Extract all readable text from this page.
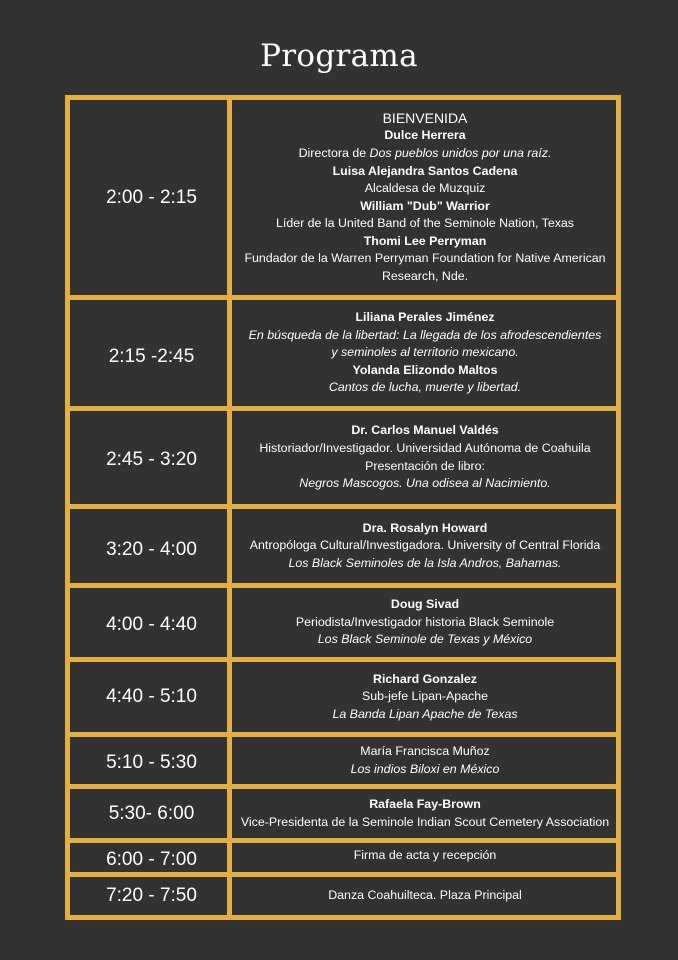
Programa
2:00 - 2:15
BIENVENIDA
Dulce Herrera
Directora de Dos pueblos unidos por una raíz.
Luisa Alejandra Santos Cadena
Alcaldesa de Muzquiz
William "Dub" Warrior
Líder de la United Band of the Seminole Nation, Texas
Thomi Lee Perryman
Fundador de la Warren Perryman Foundation for Native American
Research, Nde.
2:15 -2:45
Liliana Perales Jiménez
En búsqueda de la libertad: La llegada de los afrodescendientes
y seminoles al territorio mexicano.
Yolanda Elizondo Maltos
Cantos de lucha, muerte y libertad.
2:45 - 3:20
Dr. Carlos Manuel Valdés
Historiador/Investigador. Universidad Autónoma de Coahuila
Presentación de libro:
Negros Mascogos. Una odisea al Nacimiento.
3:20 - 4:00
Dra. Rosalyn Howard
Antropóloga Cultural/Investigadora. University of Central Florida
Los Black Seminoles de la Isla Andros, Bahamas.
4:00 - 4:40
Doug Sivad
Periodista/Investigador historia Black Seminole
Los Black Seminole de Texas y México
4:40 - 5:10
Richard Gonzalez
Sub-jefe Lipan-Apache
La Banda Lipan Apache de Texas
5:10 - 5:30
María Francisca Muñoz
Los indios Biloxi en México
5:30- 6:00	Rafaela Fay-Brown
Vice-Presidenta de la Seminole Indian Scout Cemetery Association
6:00 - 7:00	Firma de acta y recepción
7:20 - 7:50	Danza Coahuilteca. Plaza Principal
